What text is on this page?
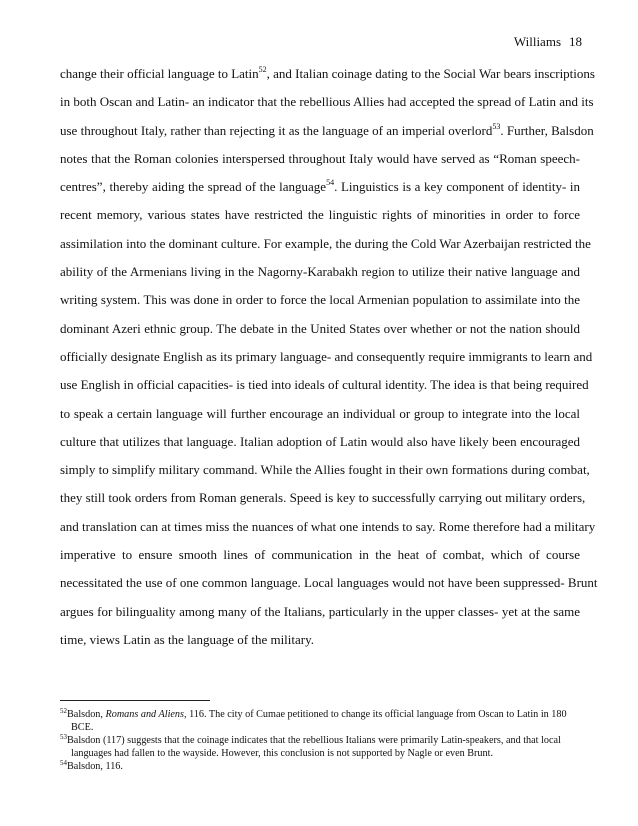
Williams 18
change their official language to Latin$^{52}$, and Italian coinage dating to the Social War bears inscriptions
in both Oscan and Latin- an indicator that the rebellious Allies had accepted the spread of Latin and its
use throughout Italy, rather than rejecting it as the language of an imperial overlord$^{53}$. Further, Balsdon
notes that the Roman colonies interspersed throughout Italy would have served as “Roman speech-
centres”, thereby aiding the spread of the language$^{54}$. Linguistics is a key component of identity- in
recent memory, various states have restricted the linguistic rights of minorities in order to force
assimilation into the dominant culture. For example, the during the Cold War Azerbaijan restricted the
ability of the Armenians living in the Nagorny-Karabakh region to utilize their native language and
writing system. This was done in order to force the local Armenian population to assimilate into the
dominant Azeri ethnic group. The debate in the United States over whether or not the nation should
officially designate English as its primary language- and consequently require immigrants to learn and
use English in official capacities- is tied into ideals of cultural identity. The idea is that being required
to speak a certain language will further encourage an individual or group to integrate into the local
culture that utilizes that language. Italian adoption of Latin would also have likely been encouraged
simply to simplify military command. While the Allies fought in their own formations during combat,
they still took orders from Roman generals. Speed is key to successfully carrying out military orders,
and translation can at times miss the nuances of what one intends to say. Rome therefore had a military
imperative to ensure smooth lines of communication in the heat of combat, which of course
necessitated the use of one common language. Local languages would not have been suppressed- Brunt
argues for bilinguality among many of the Italians, particularly in the upper classes- yet at the same
time, views Latin as the language of the military.
$^{52}$Balsdon, Romans and Aliens, 116. The city of Cumae petitioned to change its official language from Oscan to Latin in 180 BCE.
$^{53}$Balsdon (117) suggests that the coinage indicates that the rebellious Italians were primarily Latin-speakers, and that local languages had fallen to the wayside. However, this conclusion is not supported by Nagle or even Brunt.
$^{54}$Balsdon, 116.
